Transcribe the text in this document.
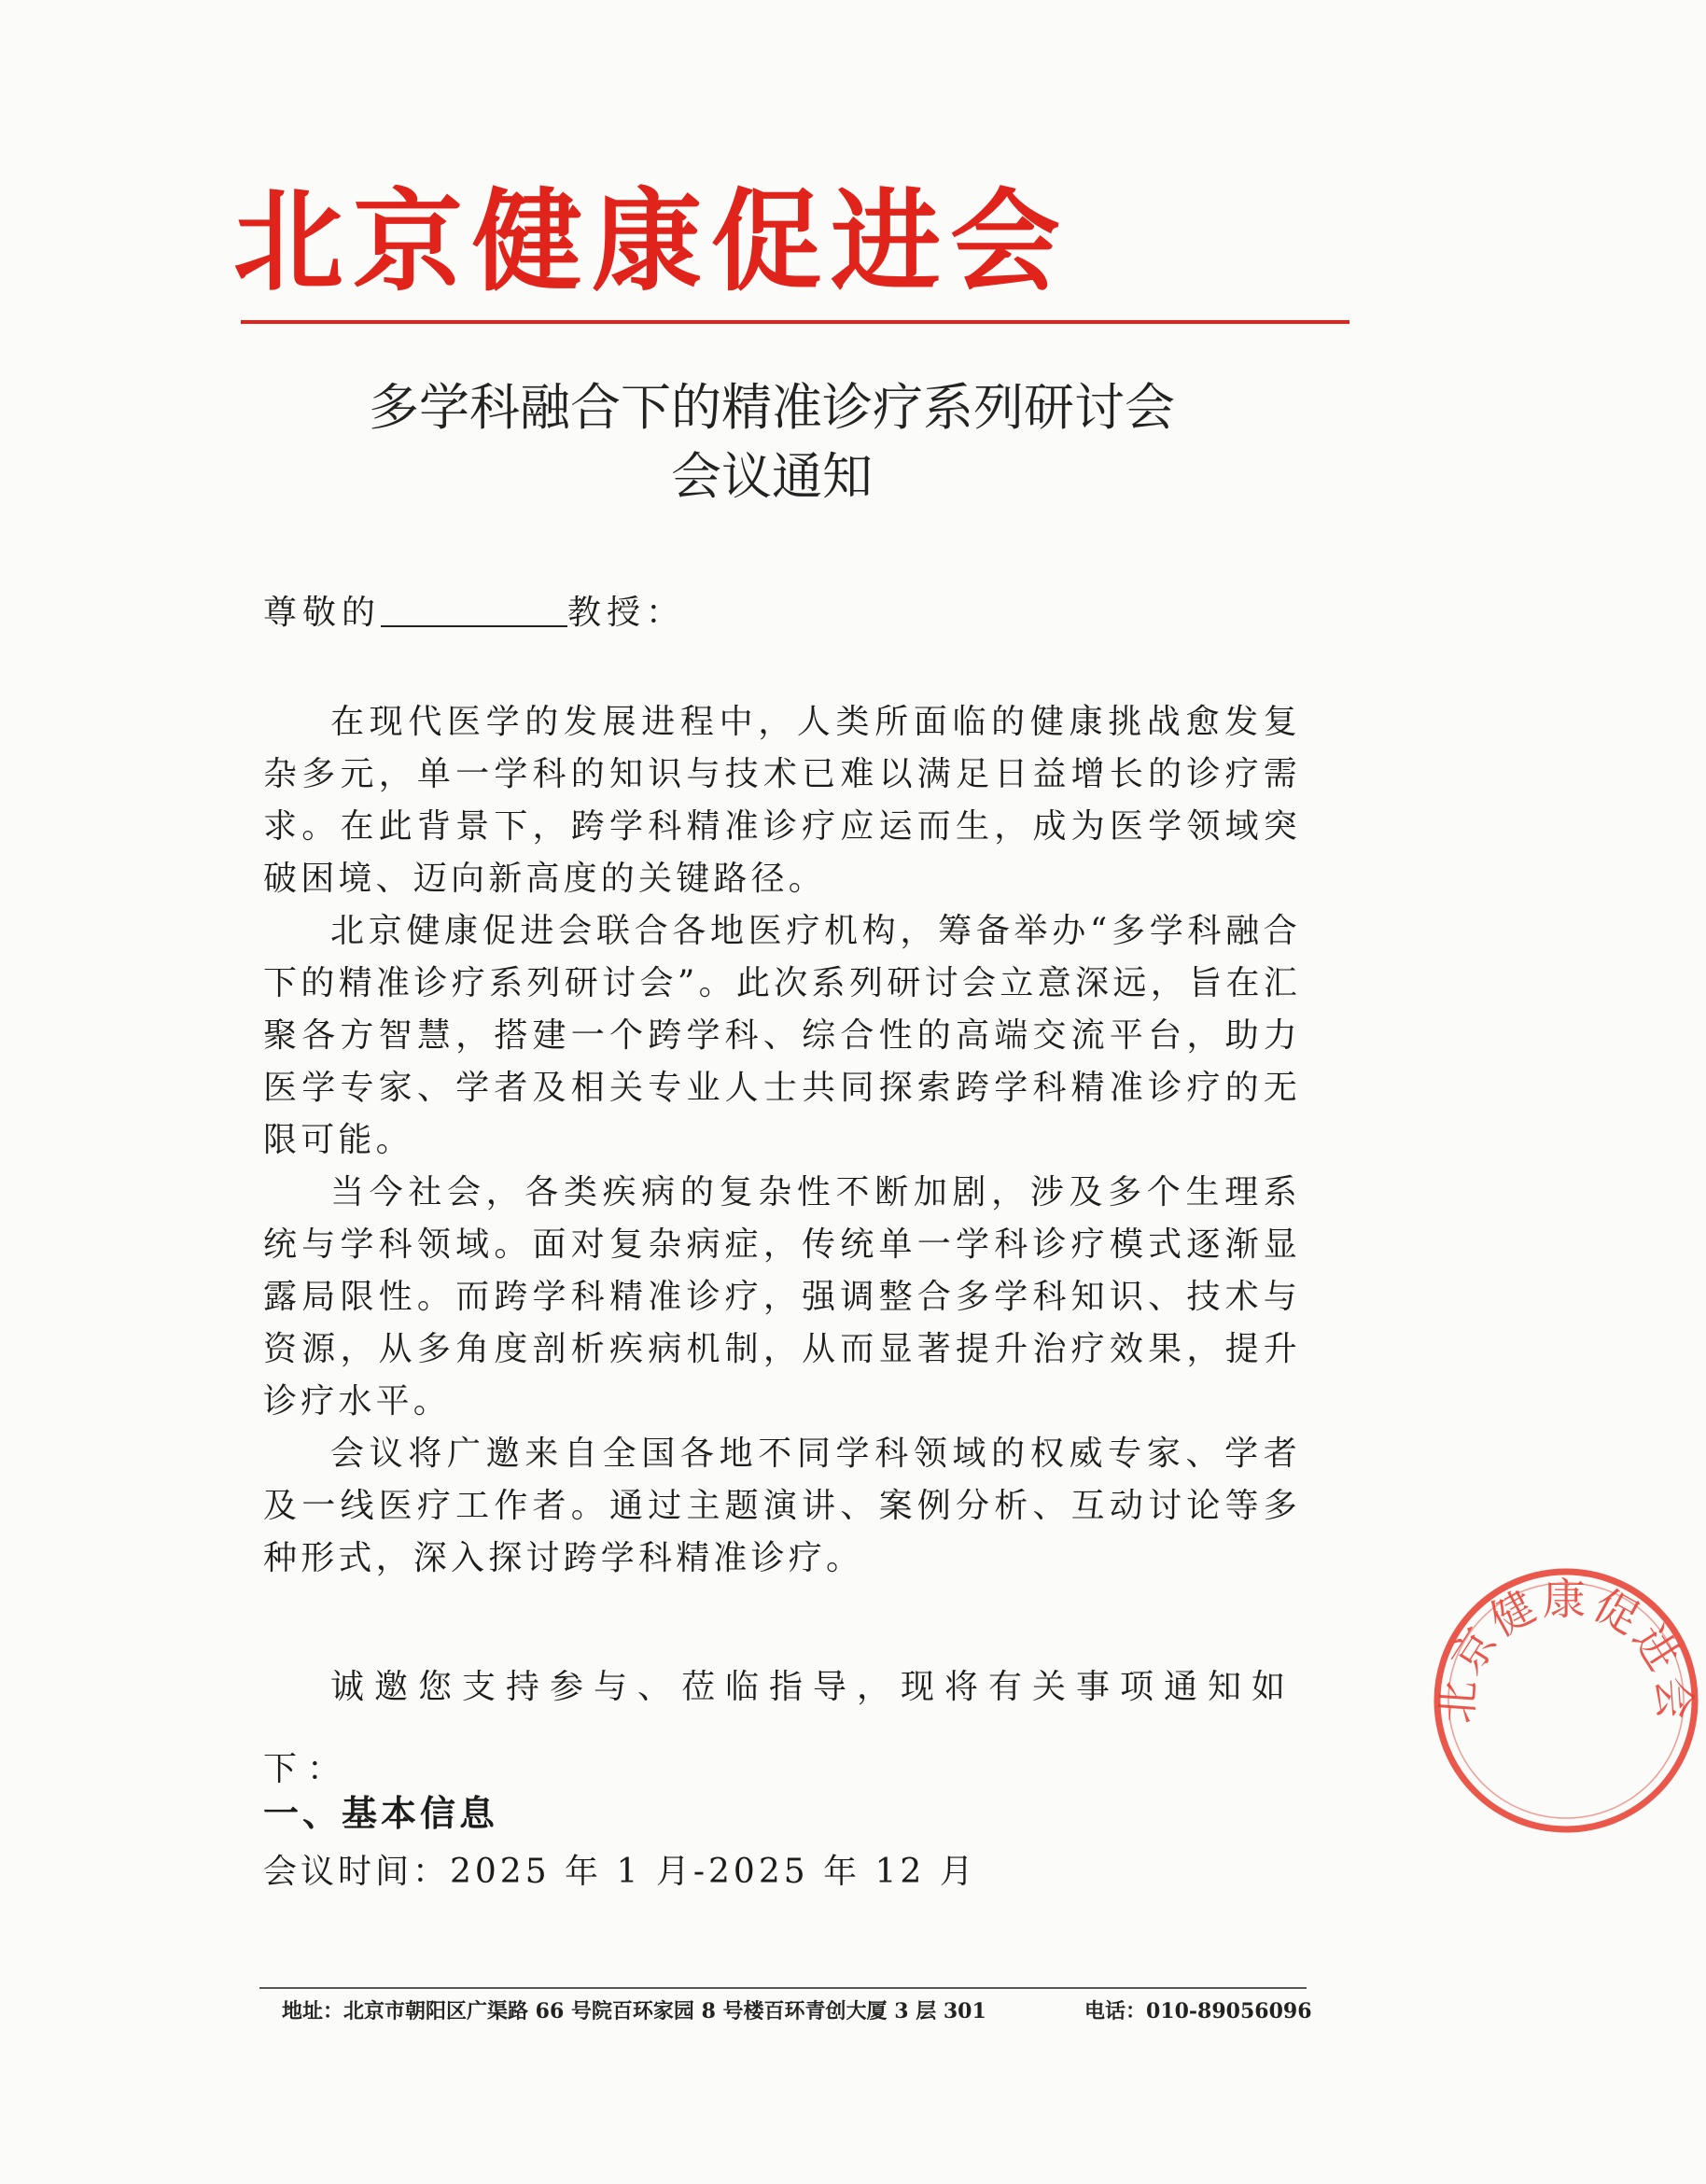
北京健康促进会
多学科融合下的精准诊疗系列研讨会
会议通知
尊敬的	教授：

在现代医学的发展进程中，人类所面临的健康挑战愈发复杂多元，单一学科的知识与技术已难以满足日益增长的诊疗需求。在此背景下，跨学科精准诊疗应运而生，成为医学领域突破困境、迈向新高度的关键路径。

北京健康促进会联合各地医疗机构，筹备举办“多学科融合下的精准诊疗系列研讨会”。此次系列研讨会立意深远，旨在汇聚各方智慧，搭建一个跨学科、综合性的高端交流平台，助力医学专家、学者及相关专业人士共同探索跨学科精准诊疗的无限可能。

当今社会，各类疾病的复杂性不断加剧，涉及多个生理系统与学科领域。面对复杂病症，传统单一学科诊疗模式逐渐显露局限性。而跨学科精准诊疗，强调整合多学科知识、技术与资源，从多角度剖析疾病机制，从而显著提升治疗效果，提升诊疗水平。

会议将广邀来自全国各地不同学科领域的权威专家、学者及一线医疗工作者。通过主题演讲、案例分析、互动讨论等多种形式，深入探讨跨学科精准诊疗。

诚邀您支持参与、莅临指导，现将有关事项通知如下：

一、基本信息
会议时间：2025 年 1 月-2025 年 12 月
地址：北京市朝阳区广渠路 66 号院百环家园 8 号楼百环青创大厦 3 层 301	电话：010-89056096
北京健康促进会
